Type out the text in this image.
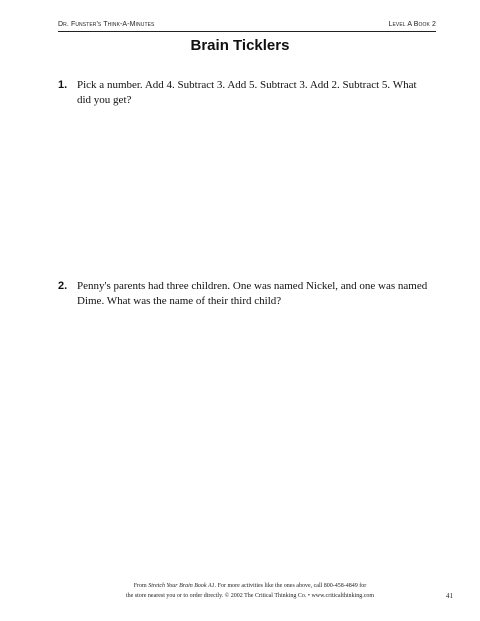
Dr. Funster's Think-A-Minutes	Level A Book 2
Brain Ticklers
1. Pick a number. Add 4. Subtract 3. Add 5. Subtract 3. Add 2. Subtract 5. What did you get?
2. Penny's parents had three children. One was named Nickel, and one was named Dime. What was the name of their third child?
From Stretch Your Brain Book A1. For more activities like the ones above, call 800-458-4849 for
the store nearest you or to order directly. © 2002 The Critical Thinking Co. • www.criticalthinking.com	41
